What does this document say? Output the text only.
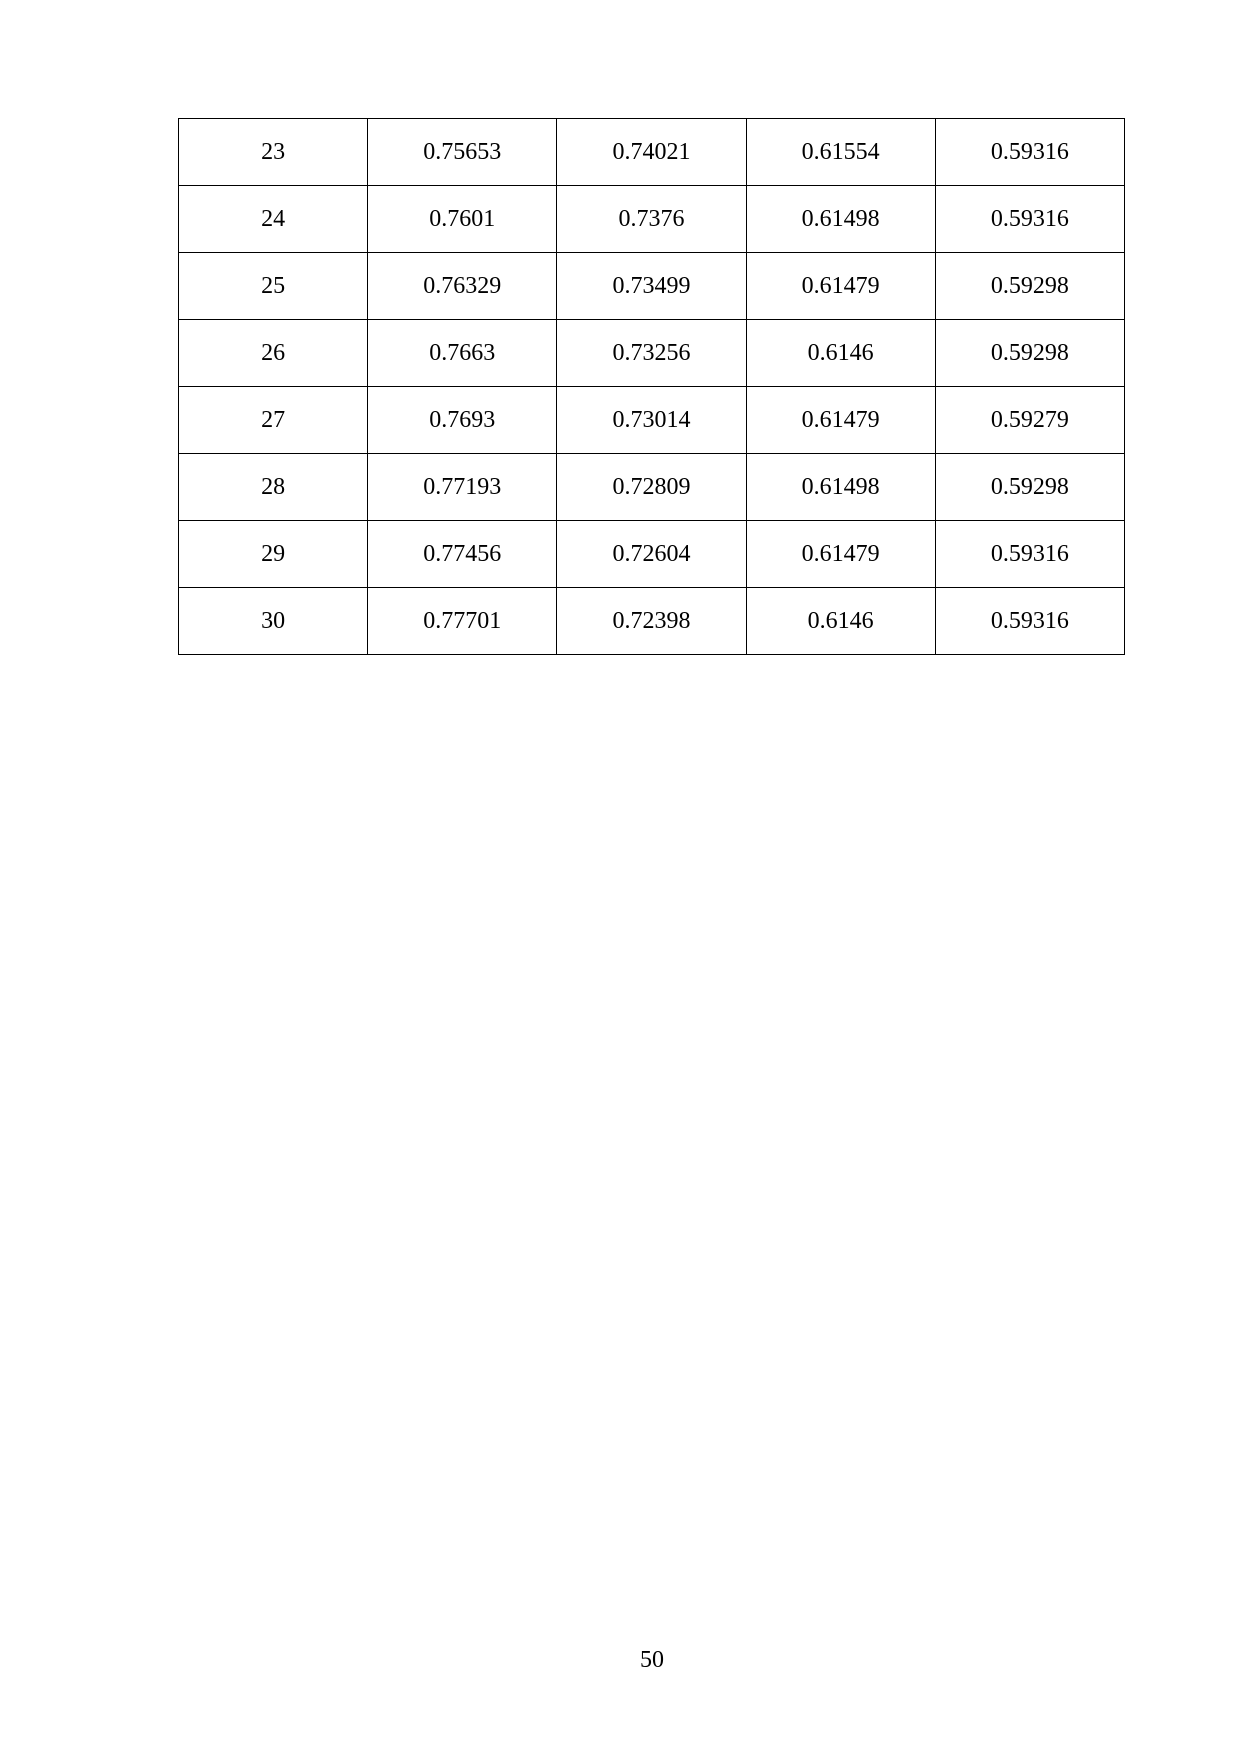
23	0.75653	0.74021	0.61554	0.59316
24	0.7601	0.7376	0.61498	0.59316
25	0.76329	0.73499	0.61479	0.59298
26	0.7663	0.73256	0.6146	0.59298
27	0.7693	0.73014	0.61479	0.59279
28	0.77193	0.72809	0.61498	0.59298
29	0.77456	0.72604	0.61479	0.59316
30	0.77701	0.72398	0.6146	0.59316
50
